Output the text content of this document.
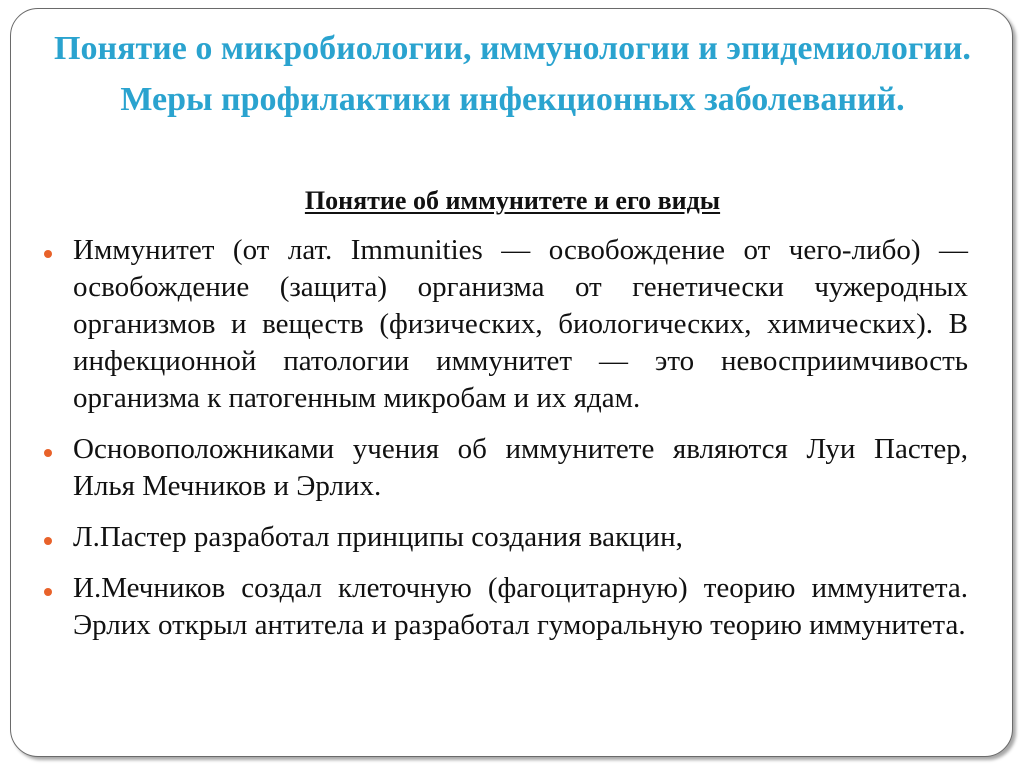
Понятие о микробиологии, иммунологии и эпидемиологии. Меры профилактики инфекционных заболеваний.
Понятие об иммунитете и его виды
Иммунитет (от лат. Immunities — освобождение от чего-либо) — освобождение (защита) организма от генетически чужеродных организмов и веществ (физических, биологических, химических). В инфекционной патологии иммунитет — это невосприимчивость организма к патогенным микробам и их ядам.
Основоположниками учения об иммунитете являются Луи Пастер, Илья Мечников и Эрлих.
Л.Пастер разработал принципы создания вакцин,
И.Мечников создал клеточную (фагоцитарную) теорию иммунитета. Эрлих открыл антитела и разработал гуморальную теорию иммунитета.
